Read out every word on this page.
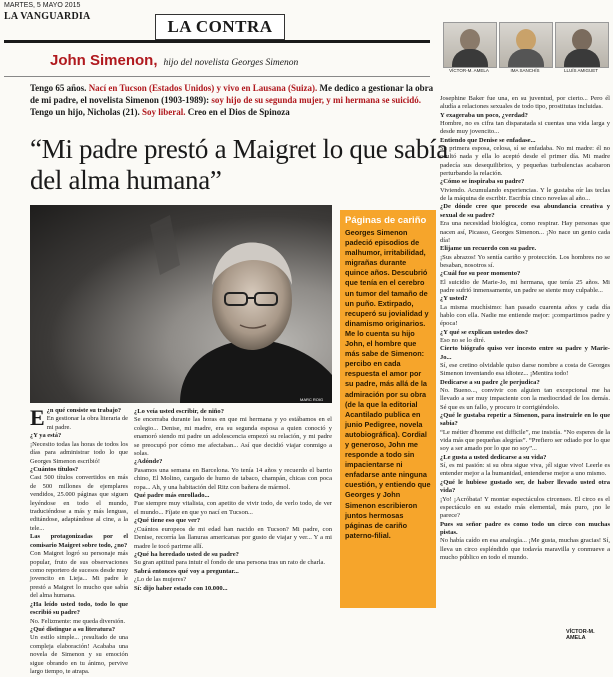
MARTES, 5 MAYO 2015
LA VANGUARDIA
LA CONTRA
John Simenon, hijo del novelista Georges Simenon
VÍCTOR-M. AMELA	IMA SANCHÍS	LLUÍS AMIGUET
Tengo 65 años. Nací en Tucson (Estados Unidos) y vivo en Lausana (Suiza). Me dedico a gestionar la obra de mi padre, el novelista Simenon (1903-1989): soy hijo de su segunda mujer, y mi hermana se suicidó. Tengo un hijo, Nicholas (21). Soy liberal. Creo en el Dios de Spinoza
“Mi padre prestó a Maigret lo que sabía del alma humana”
MARC ROIG
Páginas de cariño
Georges Simenon padeció episodios de malhumor, irritabilidad, migrañas durante quince años. Descubrió que tenía en el cerebro un tumor del tamaño de un puño. Extirpado, recuperó su jovialidad y dinamismo originarios. Me lo cuenta su hijo John, el hombre que más sabe de Simenon: percibo en cada respuesta el amor por su padre, más allá de la admiración por su obra (de la que la editorial Acantilado publica en junio Pedigree, novela autobiográfica). Cordial y generoso, John me responde a todo sin impacientarse ni enfadarse ante ninguna cuestión, y entiendo que Georges y John Simenon escribieron juntos hermosas páginas de cariño paterno-filial.
E ¿n qué consiste su trabajo?
En gestionar la obra literaria de mi padre.
¿Y ya está?
¡Necesito todas las horas de todos los días para administrar todo lo que Georges Simenon escribió!
¿Cuántos títulos?
Casi 500 títulos convertidos en más de 500 millones de ejemplares vendidos, 25.000 páginas que siguen leyéndose en todo el mundo, traduciéndose a más y más lenguas, editándose, adaptándose al cine, a la tele...
Las protagonizadas por el comisario Maigret sobre todo, ¿no?
Con Maigret logró su personaje más popular, fruto de sus observaciones como reportero de sucesos desde muy jovencito en Lieja... Mi padre le prestó a Maigret lo mucho que sabía del alma humana.
¿Ha leído usted todo, todo lo que escribió su padre?
No. Felizmente: me queda diversión.
¿Qué distingue a su literatura?
Un estilo simple... ¡resultado de una compleja elaboración! Acababa una novela de Simenon y su emoción sigue obrando en tu ánimo, pervive largo tiempo, te atrapa.
¿Lo veía usted escribir, de niño?
Se encerraba durante las horas en que mi hermana y yo estábamos en el colegio... Denise, mi madre, era su segunda esposa a quien conoció y enamoró siendo mi padre un adolescencia empezó su relación, y mi padre se preocupó por cómo me afectaban... Así que decidió viajar conmigo a solas.
¿Adónde?
Pasamos una semana en Barcelona. Yo tenía 14 años y recuerdo el barrio chino, El Molino, cargado de humo de tabaco, champán, chicas con poca ropa... Ah, y una habitación del Ritz con bañera de mármol.
Qué padre más enrollado...
Fue siempre muy vitalista, con apetito de vivir todo, de verlo todo, de ver el mundo... Fíjate en que yo nací en Tucson...
¿Qué tiene eso que ver?
¿Cuántos europeos de mi edad han nacido en Tucson? Mi padre, con Denise, recorría las llanuras americanas por gusto de viajar y ver... Y a mi madre le tocó parirme allí.
¿Qué ha heredado usted de su padre?
Su gran aptitud para intuir el fondo de una persona tras un rato de charla.
Sabrá entonces qué voy a preguntar...
¿Lo de las mujeres?
Sí: dijo haber estado con 10.000...
Josephine Baker fue una, en su juventud, por cierto... Pero él aludía a relaciones sexuales de todo tipo, prostitutas incluidas.
Y exageraba un poco, ¿verdad?
Hombre, no es cifra tan disparatada si cuentas una vida larga y desde muy jovencito...
Entiendo que Denise se enfadase...
Su primera esposa, celosa, sí se enfadaba. No mi madre: él no ocultó nada y ella lo aceptó desde el primer día. Mi madre padecía sus desequilibrios, y pequeñas turbulencias acabaron perturbando la relación.
¿Cómo se inspiraba su padre?
Viviendo. Acumulando experiencias. Y le gustaba oír las teclas de la máquina de escribir. Escribía cinco novelas al año...
¿De dónde cree que procede esa abundancia creativa y sexual de su padre?
Era una necesidad biológica, como respirar. Hay personas que nacen así, Picasso, Georges Simenon... ¡No nace un genio cada día!
Elijame un recuerdo con su padre.
¡Sus abrazos! Yo sentía cariño y protección. Los hombres no se besaban, nosotros sí.
¿Cuál fue su peor momento?
El suicidio de Marie-Jo, mi hermana, que tenía 25 años. Mi padre sufrió inmensamente, un padre se siente muy culpable...
¿Y usted?
La misma muchísimo: han pasado cuarenta años y cada día hablo con ella. Nadie me entiende mejor: ¡compartimos padre y época!
¿Y qué se explican ustedes dos?
Eso no se lo diré.
Cierto biógrafo quiso ver incesto entre su padre y Marie-Jo...
Sí, ese cretino olvidable quiso darse nombre a costa de Georges Simenon inventando esa idiotez... ¡Mentira todo!
Dedicarse a su padre ¿le perjudica?
No. Bueno..., convivir con alguien tan excepcional me ha llevado a ser muy impaciente con la mediocridad de los demás. Sé que es un fallo, y procuro ir corrigiéndolo.
¿Qué le gustaba repetir a Simenon, para instruirle en lo que sabía?
“Le métier d'homme est difficile”, me insistía. “No esperes de la vida más que pequeñas alegrías”. “Prefiero ser odiado por lo que soy a ser amado por lo que no soy”...
¿Le gusta a usted dedicarse a su vida?
Sí, es mi pasión: si su obra sigue viva, ¡él sigue vivo! Leerle es entender mejor a la humanidad, entenderse mejor a uno mismo.
¿Qué le hubiese gustado ser, de haber llevado usted otra vida?
¡Yo! ¡Acróbata! Y montar espectáculos circenses. El circo es el espectáculo en su estado más elemental, más puro, ¡no le parece?
Pues su señor padre es como todo un circo con muchas pistas.
No había caído en esa analogía... ¡Me gusta, muchas gracias! Sí, lleva un circo espléndido que todavía maravilla y conmueve a mucho público en todo el mundo.
VÍCTOR-M. AMELA
